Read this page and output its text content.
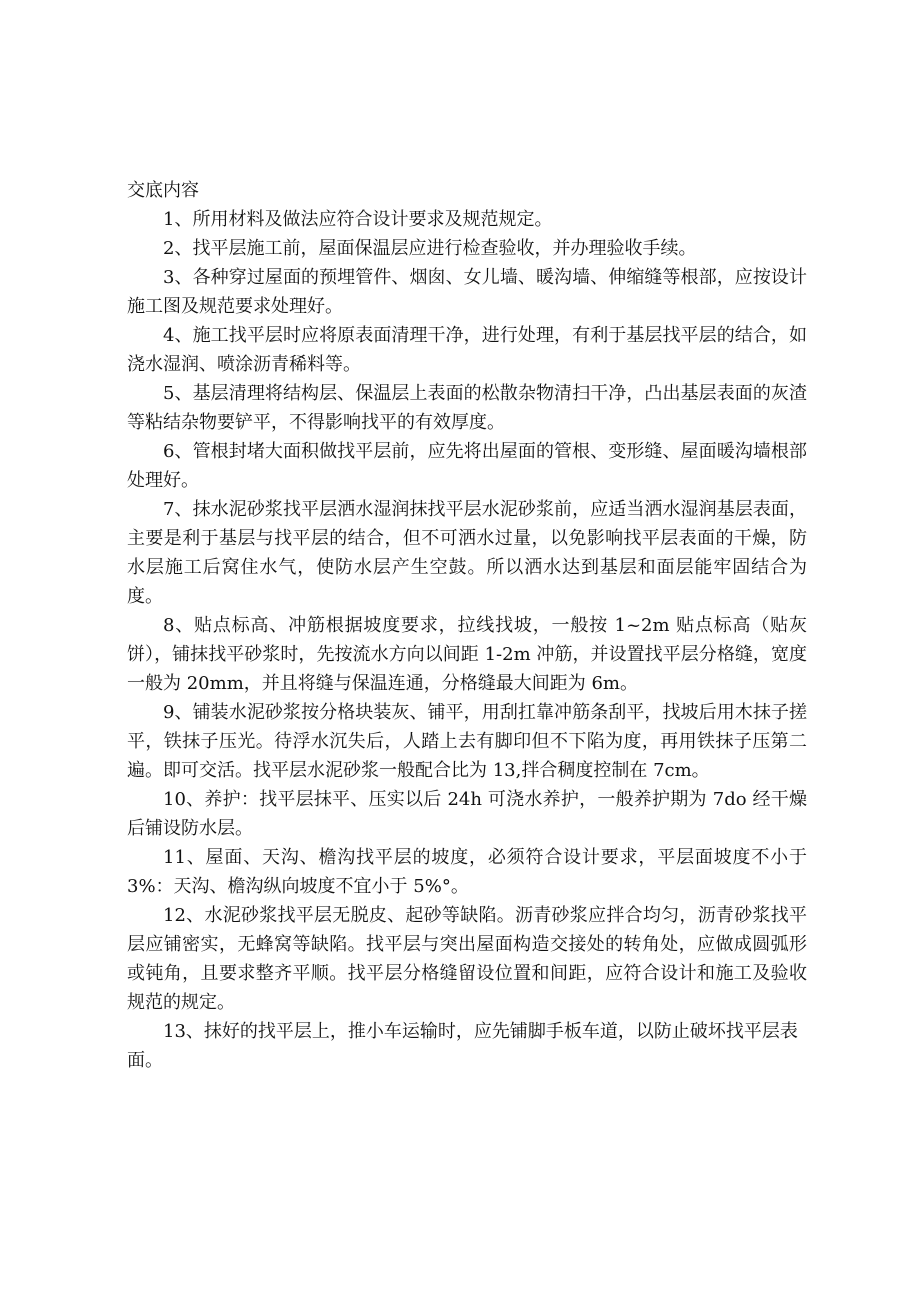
交底内容

1、所用材料及做法应符合设计要求及规范规定。

2、找平层施工前，屋面保温层应进行检查验收，并办理验收手续。

3、各种穿过屋面的预埋管件、烟囱、女儿墙、暖沟墙、伸缩缝等根部，应按设计施工图及规范要求处理好。

4、施工找平层时应将原表面清理干净，进行处理，有利于基层找平层的结合，如浇水湿润、喷涂沥青稀料等。

5、基层清理将结构层、保温层上表面的松散杂物清扫干净，凸出基层表面的灰渣等粘结杂物要铲平，不得影响找平的有效厚度。

6、管根封堵大面积做找平层前，应先将出屋面的管根、变形缝、屋面暖沟墙根部处理好。

7、抹水泥砂浆找平层洒水湿润抹找平层水泥砂浆前，应适当洒水湿润基层表面，主要是利于基层与找平层的结合，但不可洒水过量，以免影响找平层表面的干燥，防水层施工后窝住水气，使防水层产生空鼓。所以洒水达到基层和面层能牢固结合为度。

8、贴点标高、冲筋根据坡度要求，拉线找坡，一般按 1~2m 贴点标高（贴灰饼），铺抹找平砂浆时，先按流水方向以间距 1-2m 冲筋，并设置找平层分格缝，宽度一般为 20mm，并且将缝与保温连通，分格缝最大间距为 6m。

9、铺装水泥砂浆按分格块装灰、铺平，用刮扛靠冲筋条刮平，找坡后用木抹子搓平，铁抹子压光。待浮水沉失后，人踏上去有脚印但不下陷为度，再用铁抹子压第二遍。即可交活。找平层水泥砂浆一般配合比为 13,拌合稠度控制在 7cm。

10、养护：找平层抹平、压实以后 24h 可浇水养护，一般养护期为 7do 经干燥后铺设防水层。

11、屋面、天沟、檐沟找平层的坡度，必须符合设计要求，平层面坡度不小于 3%：天沟、檐沟纵向坡度不宜小于 5%°。

12、水泥砂浆找平层无脱皮、起砂等缺陷。沥青砂浆应拌合均匀，沥青砂浆找平层应铺密实，无蜂窝等缺陷。找平层与突出屋面构造交接处的转角处，应做成圆弧形或钝角，且要求整齐平顺。找平层分格缝留设位置和间距，应符合设计和施工及验收规范的规定。

13、抹好的找平层上，推小车运输时，应先铺脚手板车道，以防止破坏找平层表面。
